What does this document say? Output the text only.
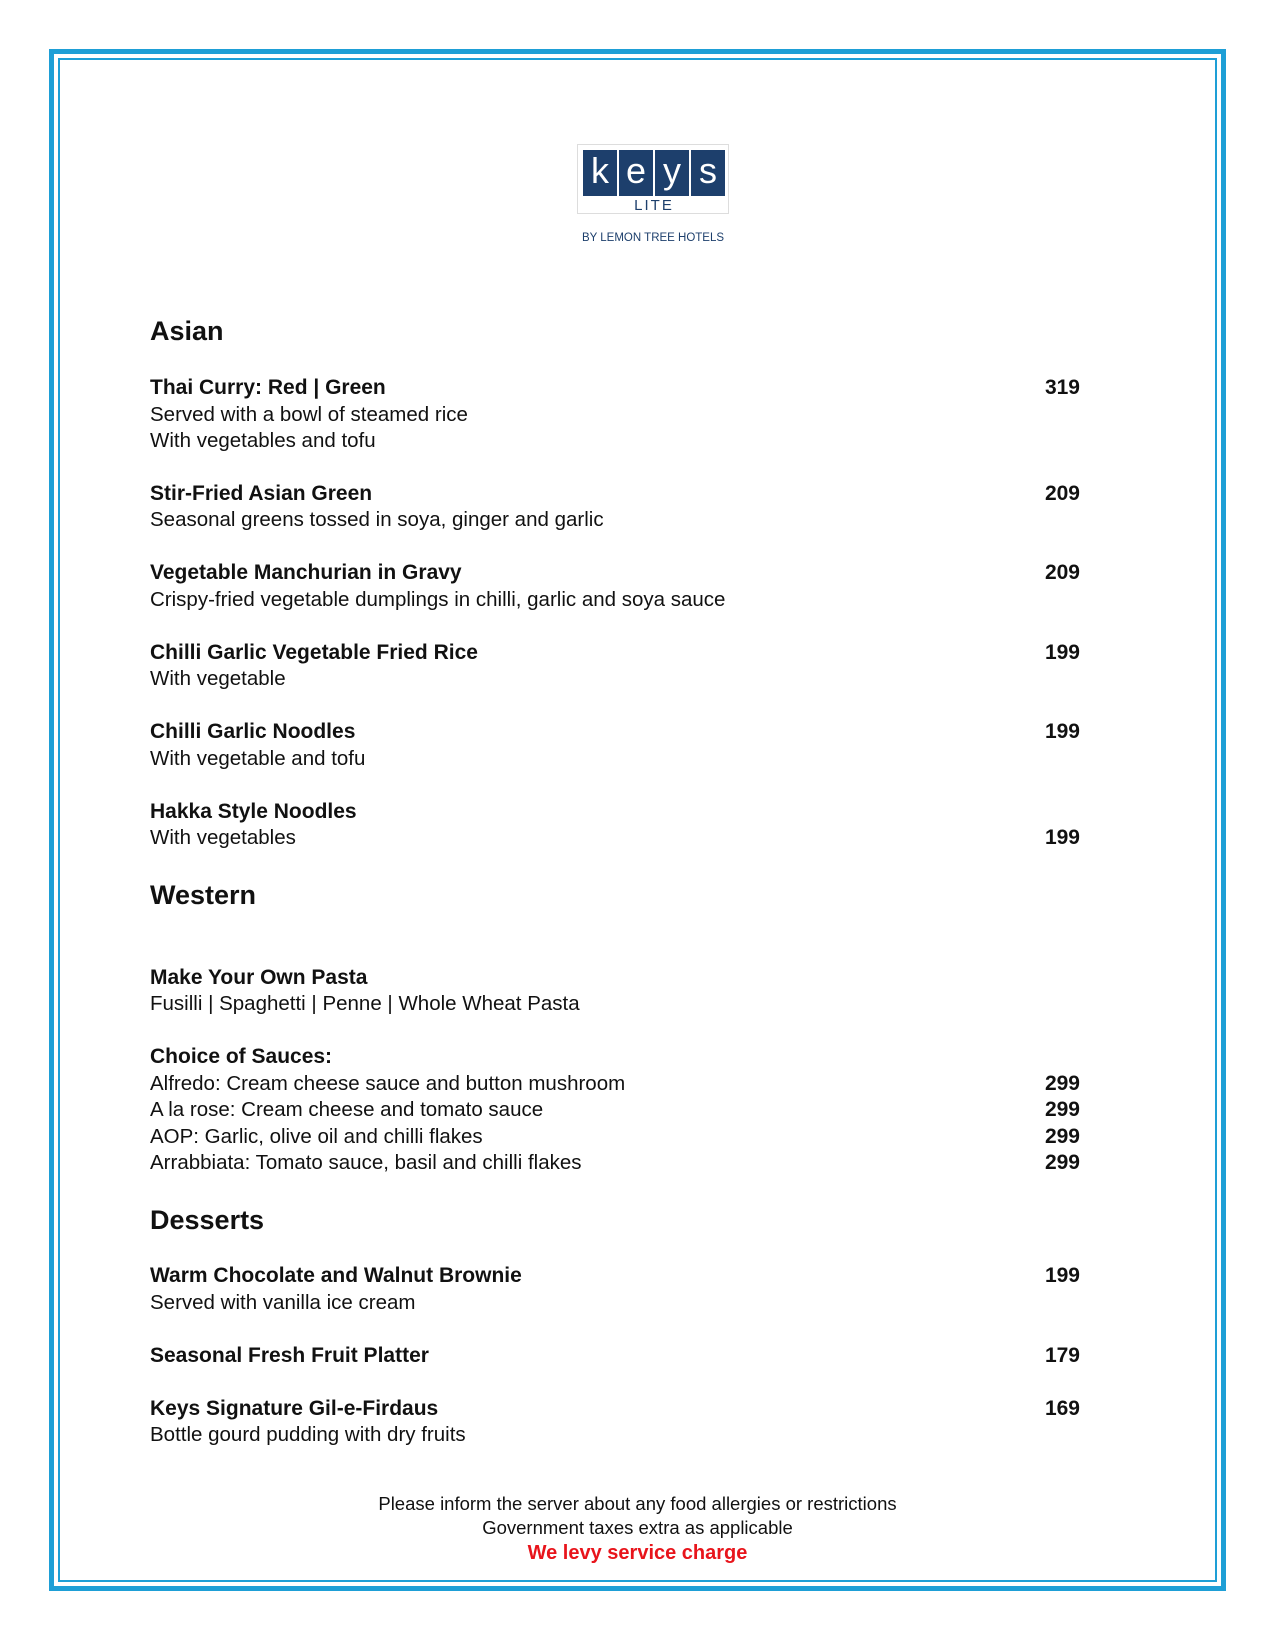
k e y s
LITE
BY LEMON TREE HOTELS
Asian
Thai Curry: Red | Green	319
Served with a bowl of steamed rice
With vegetables and tofu
Stir-Fried Asian Green	209
Seasonal greens tossed in soya, ginger and garlic
Vegetable Manchurian in Gravy	209
Crispy-fried vegetable dumplings in chilli, garlic and soya sauce
Chilli Garlic Vegetable Fried Rice	199
With vegetable
Chilli Garlic Noodles	199
With vegetable and tofu
Hakka Style Noodles
With vegetables	199
Western
Make Your Own Pasta
Fusilli | Spaghetti | Penne | Whole Wheat Pasta
Choice of Sauces:
Alfredo: Cream cheese sauce and button mushroom	299
A la rose: Cream cheese and tomato sauce	299
AOP: Garlic, olive oil and chilli flakes	299
Arrabbiata: Tomato sauce, basil and chilli flakes	299
Desserts
Warm Chocolate and Walnut Brownie	199
Served with vanilla ice cream
Seasonal Fresh Fruit Platter	179
Keys Signature Gil-e-Firdaus	169
Bottle gourd pudding with dry fruits
Please inform the server about any food allergies or restrictions
Government taxes extra as applicable
We levy service charge
